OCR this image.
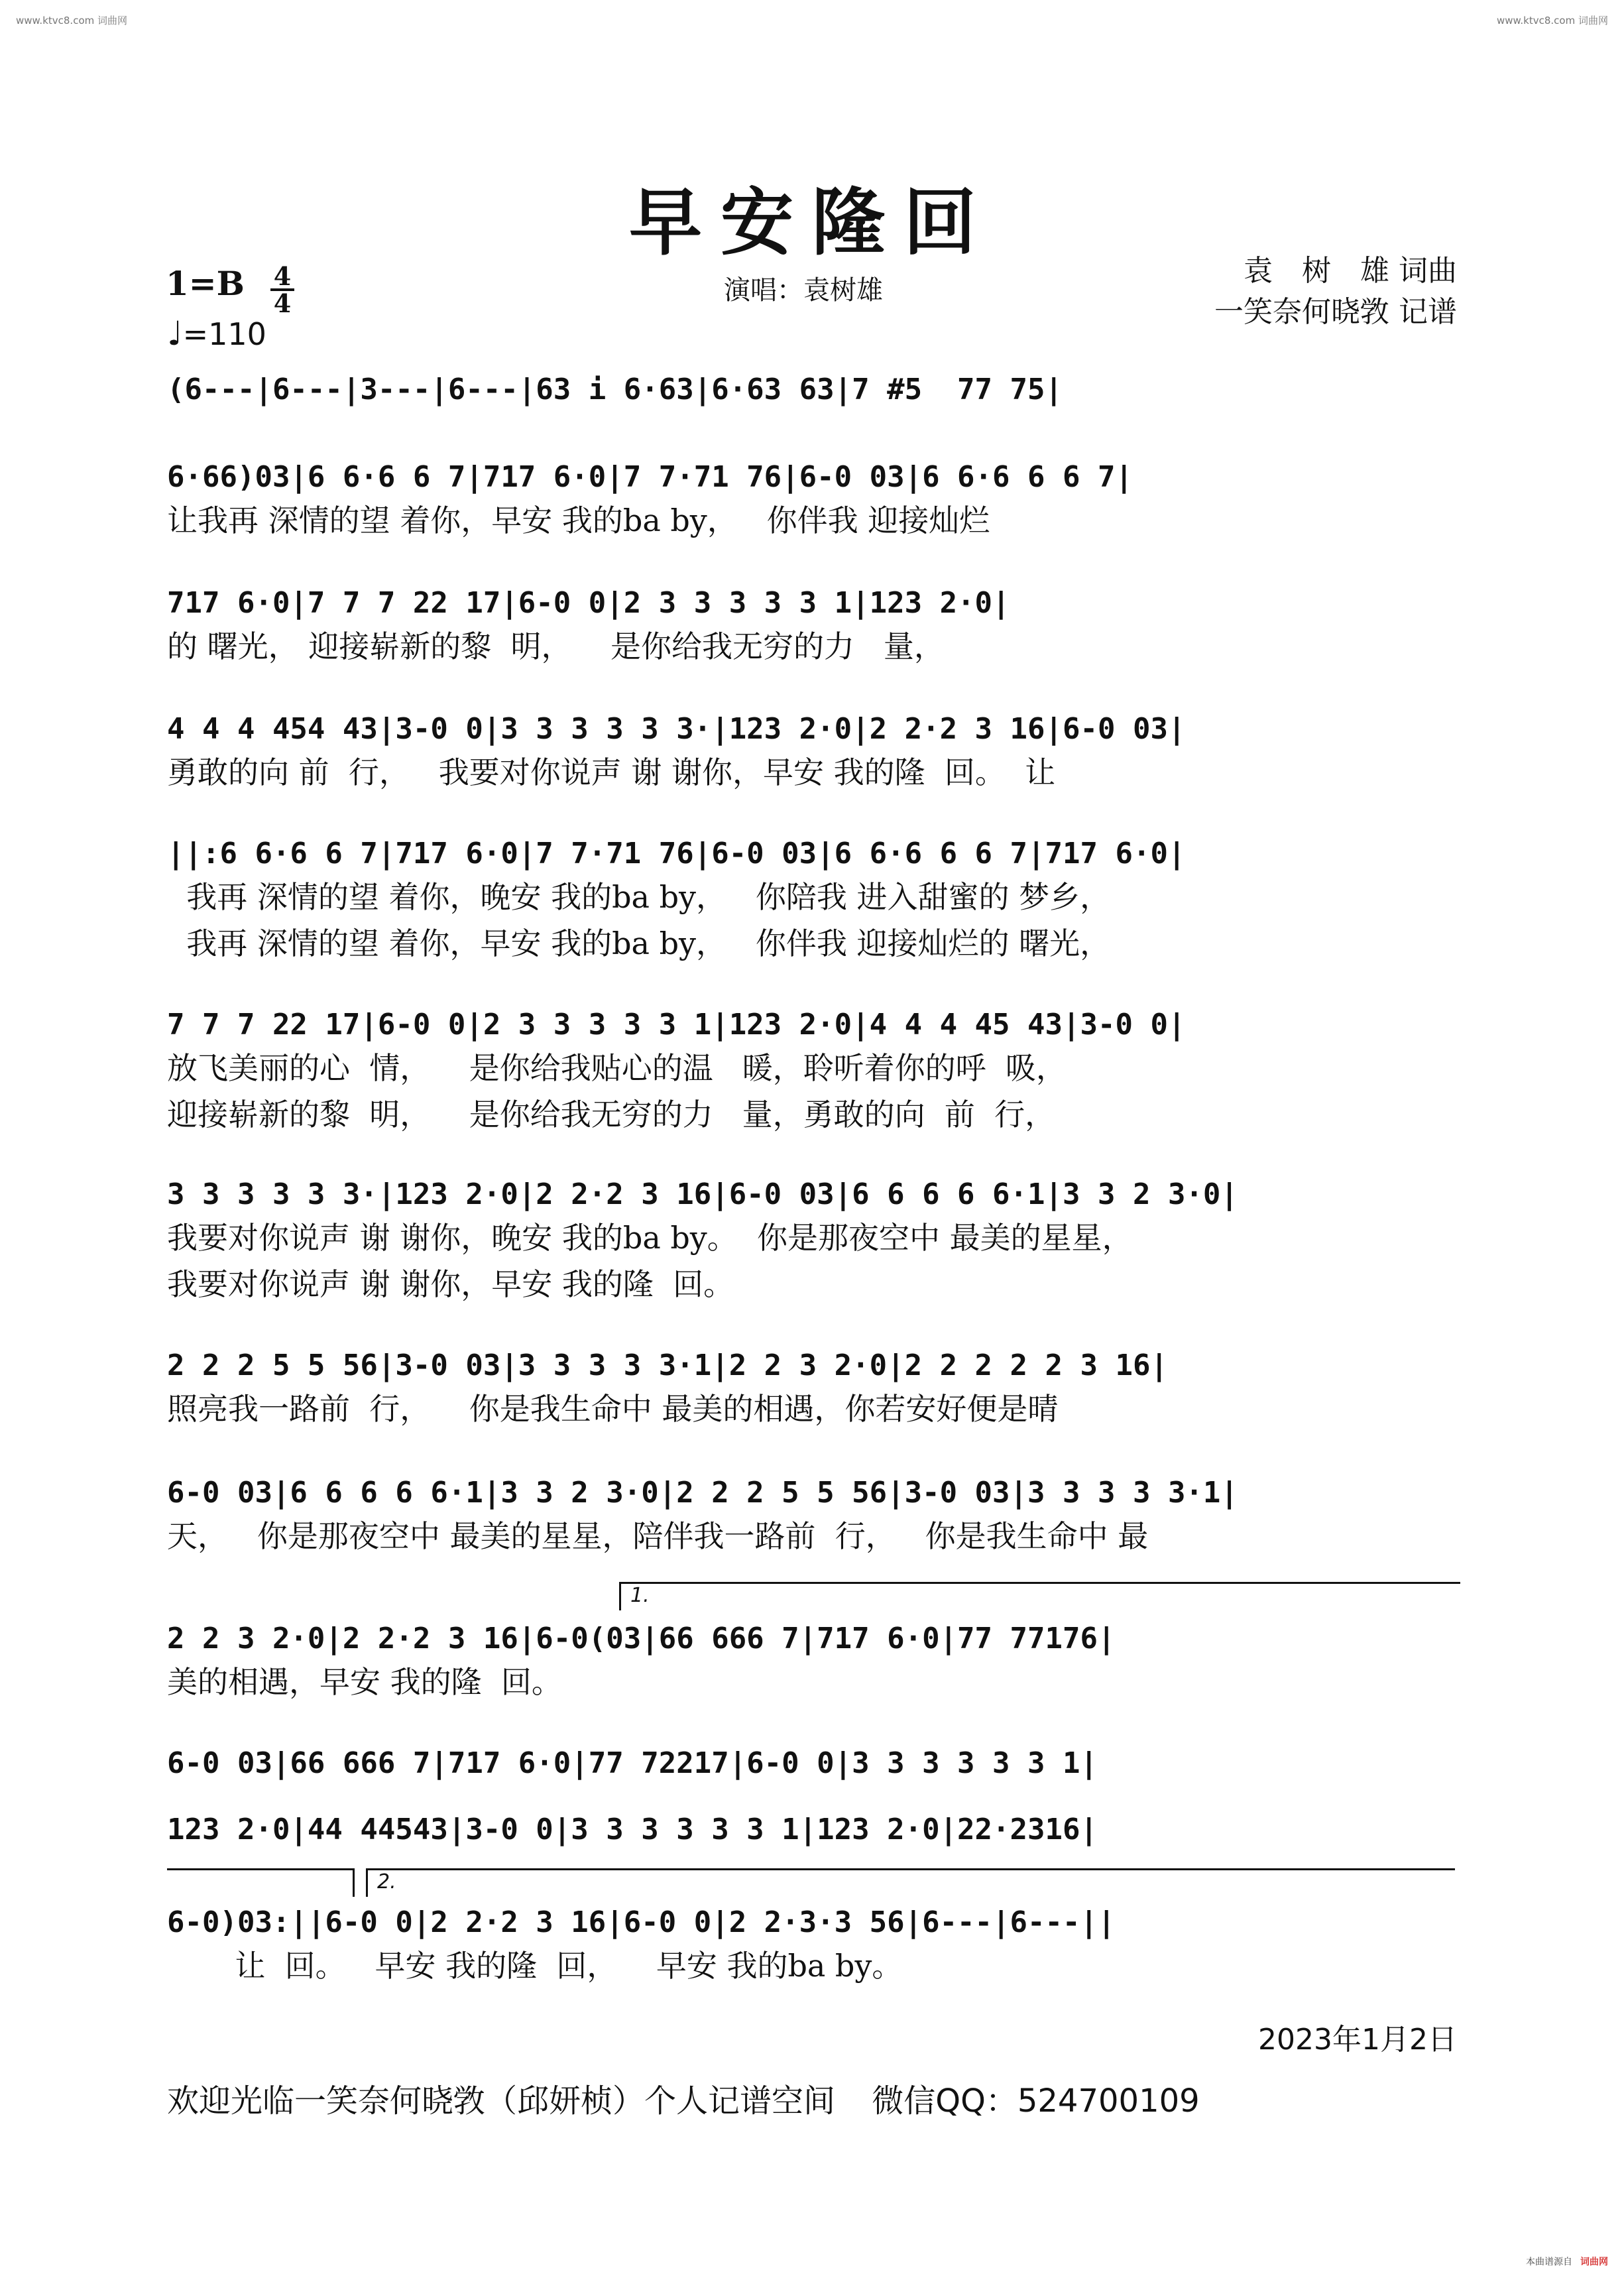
www.ktvc8.com 词曲网	www.ktvc8.com 词曲网
早安隆回
1=B 4
4
♩=110
演唱：袁树雄
袁　树　雄 词曲
一笑奈何晓敩 记谱
1.
2.
(6---|6---|3---|6---|63 i 6·63|6·63 63|7 #5  77 75|
6·66)03|6 6·6 6 7|717 6·0|7 7·71 76|6-0 03|6 6·6 6 6 7|
让我再 深情的望 着你，早安 我的ba by，   你伴我 迎接灿烂
717 6·0|7 7 7 22 17|6-0 0|2 3 3 3 3 3 1|123 2·0|
的 曙光， 迎接崭新的黎  明，    是你给我无穷的力   量，
4 4 4 454 43|3-0 0|3 3 3 3 3 3·|123 2·0|2 2·2 3 16|6-0 03|
勇敢的向 前  行，   我要对你说声 谢 谢你，早安 我的隆  回。  让
||:6 6·6 6 7|717 6·0|7 7·71 76|6-0 03|6 6·6 6 6 7|717 6·0|
我再 深情的望 着你，晚安 我的ba by，   你陪我 进入甜蜜的 梦乡，
我再 深情的望 着你，早安 我的ba by，   你伴我 迎接灿烂的 曙光，
7 7 7 22 17|6-0 0|2 3 3 3 3 3 1|123 2·0|4 4 4 45 43|3-0 0|
放飞美丽的心  情，    是你给我贴心的温   暖，聆听着你的呼  吸，
迎接崭新的黎  明，    是你给我无穷的力   量，勇敢的向  前  行，
3 3 3 3 3 3·|123 2·0|2 2·2 3 16|6-0 03|6 6 6 6 6·1|3 3 2 3·0|
我要对你说声 谢 谢你，晚安 我的ba by。  你是那夜空中 最美的星星，
我要对你说声 谢 谢你，早安 我的隆  回。
2 2 2 5 5 56|3-0 03|3 3 3 3 3·1|2 2 3 2·0|2 2 2 2 2 3 16|
照亮我一路前  行，    你是我生命中 最美的相遇，你若安好便是晴
6-0 03|6 6 6 6 6·1|3 3 2 3·0|2 2 2 5 5 56|3-0 03|3 3 3 3 3·1|
天，   你是那夜空中 最美的星星，陪伴我一路前  行，   你是我生命中 最
2 2 3 2·0|2 2·2 3 16|6-0(03|66 666 7|717 6·0|77 77176|
美的相遇，早安 我的隆  回。
6-0 03|66 666 7|717 6·0|77 72217|6-0 0|3 3 3 3 3 3 1|
123 2·0|44 44543|3-0 0|3 3 3 3 3 3 1|123 2·0|22·2316|
6-0)03:||6-0 0|2 2·2 3 16|6-0 0|2 2·3·3 56|6---|6---||
让  回。   早安 我的隆  回，    早安 我的ba by。
2023年1月2日
欢迎光临一笑奈何晓敩（邱妍桢）个人记谱空间 微信QQ：524700109
本曲谱源自 词曲网
